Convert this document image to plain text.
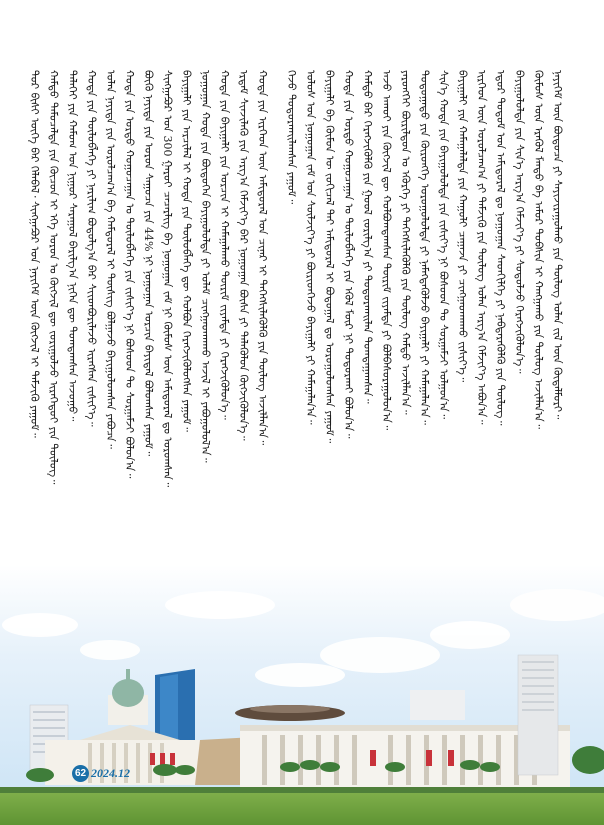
ᠳᠤᠷ ᠪᠢᠰᠢ ᠦᠭᠡ ᠪᠡᠷ ᠬᠡᠯᠡᠪᠡᠯ᠂ ᠰᠢᠩᠭᠠᠫᠤᠷ ᠤᠨ ᠨᠡᠶᠢᠭᠡᠮ ᠦᠨ ᠬᠥᠭᠵᠢᠯ ᠢ ᠳᠡᠮᠵᠢᠬᠦ ᠶᠠᠭᠤᠮ᠃ ᠬᠠᠮᠲᠤ ᠲᠡᠮᠦᠴᠡᠯᠳᠡ ᠶᠢᠨ ᠬᠦᠴᠦᠨ ᠢ ᠡᠬᠡ ᠣᠷᠣᠨ ᠤ ᠬᠥᠭᠵᠢᠯ ᠳᠦ ᠵᠣᠷᠢᠭᠤᠯᠵᠤ ᠢᠷᠡᠭᠡᠳᠦᠢ ᠶᠢᠨ ᠲᠥᠯᠦᠭ᠃ ᠳᠡᠯᠡᠬᠡᠢ ᠶᠢᠨ ᠬᠠᠮᠤᠭ ᠤᠨ ᠨᠢᠭᠤᠷ ᠰᠠᠷᠠᠭᠤᠯ ᠪᠠᠷᠢᠯᠭ᠎ᠠ ᠨᠢᠭᠡᠨ ᠳᠦ ᠲᠣᠭᠲᠠᠭᠰᠠᠨ ᠠᠵᠤᠭᠤ᠃ ᠬᠣᠲᠠ ᠶᠢᠨ ᠲᠥᠯᠦᠪᠯᠡᠭᠡ ᠶᠢ ᠨᠠᠷᠢᠯᠢᠭ ᠪᠤᠳᠤᠯᠭ᠎ᠠ ᠪᠠᠷ ᠰᠢᠢᠳᠪᠦᠷᠢᠯᠡᠵᠦ ᠢᠷᠡᠭᠰᠡᠨ ᠵᠢᠱᠢᠶ᠎ᠡ᠃ ᠣᠯᠠᠨ ᠨᠡᠶᠢᠲᠡ ᠶᠢᠨ ᠣᠷᠣᠯᠴᠠᠭ᠎ᠠ ᠪᠠ ᠬᠠᠮᠲᠤᠷᠠᠯ ᠢ ᠲᠦᠰᠢᠭ ᠪᠣᠯᠭᠠᠵᠤ ᠪᠠᠶᠢᠭᠤᠯᠤᠭᠰᠠᠨ ᠶᠠᠪᠤᠴᠠ᠃ ᠬᠣᠲᠠ ᠶᠢᠨ ᠤᠷᠲᠤ ᠬᠤᠭᠤᠴᠠᠭᠠᠨ ᠤ ᠲᠥᠯᠦᠪᠯᠡᠭᠡ ᠶᠢᠨ ᠵᠢᠱᠢᠶ᠎ᠡ ᠨᠢ ᠪᠤᠰᠤᠳ ᠲᠤ ᠰᠤᠷᠭᠠᠮᠵᠢ ᠪᠣᠯᠤᠨ᠎ᠠ᠃ ᠪᠦᠬᠦ ᠨᠡᠶᠢᠲᠡ ᠶᠢᠨ ᠣᠷᠣᠨ ᠰᠠᠭᠤᠴᠠ ᠶᠢᠨ 44% ᠨᠢ ᠨᠣᠭᠣᠭᠠᠨ ᠣᠷᠴᠢᠨ ᠪᠠᠶᠢᠳᠠᠯ ᠪᠣᠯᠤᠭᠰᠠᠨ ᠶᠠᠭᠤᠮ᠃ ᠰᠢᠩᠭᠠᠫᠤᠷ ᠤᠨ 300 ᠭᠠᠷᠤᠢ ᠴᠡᠴᠡᠷᠯᠢᠭ ᠪᠠ ᠨᠣᠭᠣᠭᠠᠨ ᠵᠠᠮ ᠨᠢ ᠬᠦᠮᠦᠰ ᠦᠨ ᠠᠮᠢᠳᠤᠷᠠᠯ ᠳᠤ ᠣᠷᠣᠭᠰᠠᠨ᠃ ᠪᠠᠶᠢᠭᠠᠯᠢ ᠶᠢᠨ ᠠᠷᠴᠢᠯᠠᠯ ᠢ ᠬᠣᠲᠠ ᠶᠢᠨ ᠲᠥᠯᠦᠪᠯᠡᠭᠡ ᠳᠦ ᠬᠣᠯᠪᠣᠨ ᠬᠡᠷᠡᠭᠵᠢᠭᠦᠯᠦᠭᠰᠡᠨ ᠶᠠᠭᠤᠮ᠃ ᠨᠣᠭᠣᠭᠠᠨ ᠬᠣᠲᠠ ᠶᠢᠨ ᠪᠦᠲᠦᠭᠡᠨ ᠪᠠᠶᠢᠭᠤᠯᠤᠯᠲᠠ ᠶᠢ ᠤᠯᠠᠮ ᠴᠢᠩᠭᠠᠳᠬᠠᠬᠤ ᠠᠵᠢᠯ ᠢ ᠶᠠᠪᠤᠭᠤᠯᠤᠯ᠎ᠠ᠃ ᠬᠣᠲᠠ ᠶᠢᠨ ᠪᠠᠶᠢᠭᠠᠯᠢ ᠶᠢᠨ ᠣᠷᠴᠢᠨ ᠢ ᠬᠠᠮᠠᠭᠠᠯᠠᠬᠤ ᠳᠦᠷᠢᠮ ᠵᠢᠶᠠᠮᠳᠠ ᠶᠢ ᠬᠡᠷᠡᠭᠵᠢᠭᠦᠯᠦᠨ᠎ᠡ᠃ ᠡᠷᠳᠡᠮ ᠰᠢᠨᠵᠢᠯᠡᠬᠦ ᠶᠢᠨ ᠠᠷᠭ᠎ᠠ ᠬᠡᠮᠵᠢᠶ᠎ᠡ ᠪᠡᠷ ᠨᠣᠭᠣᠭᠠᠨ ᠪᠦᠰᠡ ᠶᠢ ᠲᠡᠯᠡᠭᠦᠯᠦᠨ ᠬᠥᠭᠵᠢᠭᠦᠯᠦᠨ᠎ᠡ᠃ ᠬᠣᠲᠠ ᠶᠢᠨ ᠢᠷᠭᠡᠳ ᠦᠨ ᠠᠮᠢᠳᠤᠷᠠᠯ ᠤᠨ ᠴᠢᠨᠠᠷ ᠢ ᠳᠡᠭᠡᠭᠰᠢᠯᠡᠭᠦᠯᠬᠦ ᠶᠢᠨ ᠲᠥᠯᠦᠭ ᠠᠵᠢᠯᠯᠠᠨ᠎ᠠ᠃	ᠤᠯᠤᠰ ᠤᠨ ᠨᠣᠭᠣᠭᠠᠨ ᠵᠠᠮ ᠤᠨ ᠰᠦᠯᠵᠢᠶ᠎ᠡ ᠶᠢ ᠪᠦᠷᠢᠳᠭᠡᠵᠦ ᠪᠠᠶᠢᠭᠠᠯᠢ ᠶᠢ ᠬᠠᠮᠠᠭᠠᠯᠠᠨ᠎ᠠ᠃ ᠪᠠᠶᠢᠭᠠᠯᠢ ᠪᠠ ᠬᠦᠮᠦᠨ ᠦ ᠵᠣᠬᠢᠴᠠᠯ ᠲᠠᠶ ᠠᠮᠢᠳᠤᠷᠠᠯ ᠢ ᠪᠣᠳᠤᠭᠠᠯ ᠳᠤ ᠣᠷᠣᠭᠤᠯᠤᠭᠰᠠᠨ ᠶᠠᠭᠤᠮ᠃ ᠬᠣᠲᠠ ᠶᠢᠨ ᠤᠷᠲᠤ ᠬᠤᠭᠤᠴᠠᠭᠠᠨ ᠤ ᠲᠥᠯᠦᠪᠯᠡᠭᠡ ᠶᠢᠨ ᠡᠭᠦᠯ ᠮᠥᠷ ᠨᠢ ᠲᠣᠳᠤᠷᠬᠠᠢ ᠪᠣᠯᠤᠨ᠎ᠠ᠃ ᠬᠠᠮᠲᠤ ᠪᠠᠷ ᠬᠡᠷᠡᠭᠵᠢᠭᠦᠯᠬᠦ ᠶᠢᠨ ᠭᠣᠣᠯ ᠵᠣᠷᠢᠯᠭ᠎ᠠ ᠶᠢ ᠲᠣᠳᠤᠷᠬᠠᠢᠯᠠᠨ ᠲᠣᠭᠲᠠᠭᠠᠭᠰᠠᠨ᠃ ᠠᠵᠤ ᠠᠬᠤᠢ ᠶᠢᠨ ᠬᠥᠭᠵᠢᠯ ᠳᠦ ᠬᠣᠯᠪᠣᠭᠳᠠᠭᠰᠠᠨ ᠳᠦᠷᠢᠮ ᠵᠢᠶᠠᠮᠳᠠ ᠶᠢ ᠪᠣᠯᠪᠠᠰᠤᠷᠠᠭᠤᠯᠤᠨ᠎ᠠ᠃ ᠶᠡᠷᠦᠩᠬᠡᠢ ᠪᠦᠷᠢᠯᠳᠦᠨ ᠤ ᠡᠭᠦᠷᠭᠡ ᠶᠢ ᠳᠡᠭᠡᠭᠰᠢᠯᠡᠭᠦᠯᠬᠦ ᠶᠢᠨ ᠲᠥᠯᠦᠭ ᠬᠠᠮᠲᠤ ᠠᠵᠢᠯᠯᠠᠨ᠎ᠠ᠃ ᠳᠣᠲᠣᠭᠠᠳᠤ ᠶᠢᠨ ᠬᠥᠷᠥᠩᠭᠡ ᠣᠷᠣᠭᠤᠯᠤᠯᠲᠠ ᠶᠢ ᠨᠡᠮᠡᠭᠳᠡᠭᠦᠯᠵᠦ ᠪᠠᠶᠢᠭᠠᠯᠢ ᠶᠢ ᠬᠠᠮᠠᠭᠠᠯᠠᠨ᠎ᠠ᠃ ᠰᠢᠨ᠎ᠡ ᠬᠣᠲᠠ ᠶᠢᠨ ᠪᠠᠶᠢᠭᠤᠯᠤᠯᠲᠠ ᠶᠢᠨ ᠵᠢᠱᠢᠶ᠎ᠡ ᠨᠢ ᠪᠤᠰᠤᠳ ᠲᠤ ᠰᠤᠷᠭᠠᠮᠵᠢ ᠣᠯᠭᠣᠨ᠎ᠠ᠃ ᠪᠠᠶᠢᠭᠠᠯᠢ ᠶᠢᠨ ᠬᠠᠮᠠᠭᠠᠯᠠᠯᠲᠠ ᠶᠢᠨ ᠬᠠᠭᠤᠯᠢ ᠴᠠᠭᠠᠵᠠ ᠶᠢ ᠴᠢᠩᠭᠠᠳᠬᠠᠬᠤ ᠵᠢᠱᠢᠶ᠎ᠡ᠃ ᠢᠷᠭᠡᠳ ᠦᠨ ᠣᠷᠣᠯᠴᠠᠭ᠎ᠠ ᠶᠢ ᠳᠡᠮᠵᠢᠬᠦ ᠶᠢᠨ ᠲᠥᠯᠦᠭ ᠣᠯᠠᠨ ᠠᠷᠭ᠎ᠠ ᠬᠡᠮᠵᠢᠶ᠎ᠡ ᠠᠪᠤᠨ᠎ᠠ᠃ ᠡᠳᠦᠷ ᠲᠤᠲᠤᠮ ᠤᠨ ᠠᠮᠢᠳᠤᠷᠠᠯ ᠳᠤ ᠨᠣᠭᠣᠭᠠᠨ ᠰᠡᠳᠬᠢᠯᠭᠡ ᠶᠢ ᠨᠡᠪᠲᠡᠷᠡᠭᠦᠯᠬᠦ ᠶᠢᠨ ᠲᠥᠯᠦᠭ᠃ ᠪᠠᠶᠢᠭᠤᠯᠤᠯᠲᠠ ᠶᠢᠨ ᠰᠢᠨ᠎ᠡ ᠠᠷᠭ᠎ᠠ ᠬᠡᠮᠵᠢᠶ᠎ᠡ ᠶᠢ ᠰᠤᠳᠤᠯᠵᠤ ᠬᠡᠷᠡᠭᠵᠢᠭᠦᠯᠦᠨ᠎ᠡ᠃ ᠬᠦᠮᠦᠰ ᠦᠨ ᠡᠷᠡᠭᠦᠯ ᠮᠡᠨᠳᠦ ᠪᠠ ᠠᠮᠤᠷ ᠲᠣᠪᠰᠢᠨ ᠢ ᠬᠠᠩᠭᠠᠬᠤ ᠶᠢᠨ ᠲᠥᠯᠦᠭ ᠠᠵᠢᠯᠯᠠᠨ᠎ᠠ᠃ ᠨᠡᠶᠢᠭᠡᠮ ᠦᠨ ᠪᠦᠲᠦᠴᠡ ᠶᠢ ᠰᠠᠶᠢᠵᠢᠷᠠᠭᠤᠯᠬᠤ ᠶᠢᠨ ᠲᠥᠯᠦᠭ ᠣᠯᠠᠨ ᠵᠢᠯ ᠦᠨ ᠬᠥᠳᠡᠯᠮᠦᠷᠢ᠃
ᠭᠡᠵᠦ ᠲᠣᠳᠤᠷᠬᠠᠢᠯᠠᠭᠰᠠᠨ ᠶᠠᠭᠤᠮ᠃
62 2024.12
